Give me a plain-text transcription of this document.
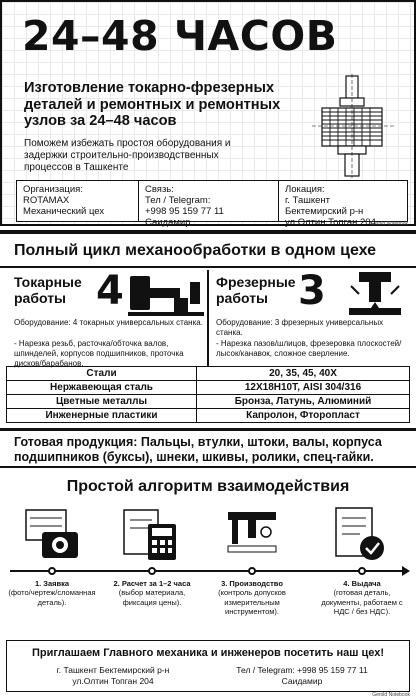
24–48 ЧАСОВ
Изготовление токарно-фрезерных деталей и ремонтных и ремонтных узлов за 24–48 часов
Поможем избежать простоя оборудования и задержки строительно-производственных процессов в Ташкенте
Организация:
ROTAMAX
Механический цех
Связь:
Тел / Telegram:
+998 95 159 77 11
Саидамир
Локация:
г. Ташкент
Бектемирский р-н
ул.Олтин Топган 204
Gerold Notebook
Полный цикл механообработки в одном цехе
Токарные работы 4
Оборудование: 4 токарных универсальных станка.
- Нарезка резьб, расточка/обточка валов, шпинделей, корпусов подшипников, проточка дисков/барабанов.
Фрезерные работы 3
Оборудование: 3 фрезерных универсальных станка.
- Нарезка пазов/шлицов, фрезеровка плоскостей/лысок/канавок, сложное сверление.
Стали	20, 35, 45, 40Х
Нержавеющая сталь	12Х18Н10Т, AISI 304/316
Цветные металлы	Бронза, Латунь, Алюминий
Инженерные пластики	Капролон, Фторопласт
Готовая продукция: Пальцы, втулки, штоки, валы, корпуса подшипников (буксы), шнеки, шкивы, ролики, спец-гайки.
Простой алгоритм взаимодействия
1. Заявка
(фото/чертеж/сломанная деталь).
2. Расчет за 1–2 часа
(выбор материала, фиксация цены).
3. Производство
(контроль допусков измерительным инструментом).
4. Выдача
(готовая деталь, документы, работаем с НДС / без НДС).
Приглашаем Главного механика и инженеров посетить наш цех!
г. Ташкент Бектемирский р-н
ул.Олтин Топган 204
Тел / Telegram: +998 95 159 77 11
Саидамир
Gerold Notebook
